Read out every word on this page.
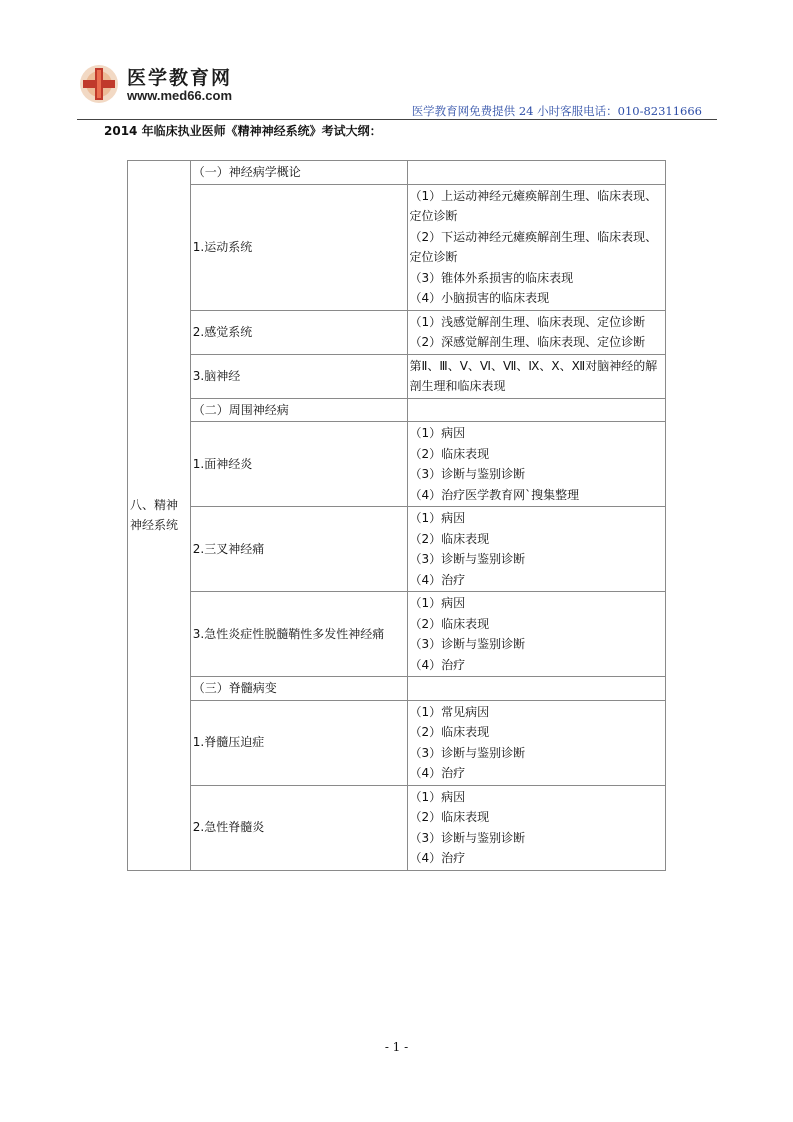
医学教育网
www.med66.com
医学教育网免费提供 24 小时客服电话：010-82311666
2014 年临床执业医师《精神神经系统》考试大纲：
八、精神神经系统	（一）神经病学概论	
	1.运动系统	（1）上运动神经元瘫痪解剖生理、临床表现、定位诊断
（2）下运动神经元瘫痪解剖生理、临床表现、定位诊断
（3）锥体外系损害的临床表现
（4）小脑损害的临床表现

	2.感觉系统	（1）浅感觉解剖生理、临床表现、定位诊断
（2）深感觉解剖生理、临床表现、定位诊断

	3.脑神经	第Ⅱ、Ⅲ、Ⅴ、Ⅵ、Ⅶ、Ⅸ、X、Ⅻ对脑神经的解剖生理和临床表现

	（二）周围神经病	
	1.面神经炎	（1）病因
（2）临床表现
（3）诊断与鉴别诊断
（4）治疗医学教育网`搜集整理

	2.三叉神经痛	（1）病因
（2）临床表现
（3）诊断与鉴别诊断
（4）治疗

	3.急性炎症性脱髓鞘性多发性神经痛	（1）病因
（2）临床表现
（3）诊断与鉴别诊断
（4）治疗

	（三）脊髓病变	
	1.脊髓压迫症	（1）常见病因
（2）临床表现
（3）诊断与鉴别诊断
（4）治疗

	2.急性脊髓炎	（1）病因
（2）临床表现
（3）诊断与鉴别诊断
（4）治疗
- 1 -
